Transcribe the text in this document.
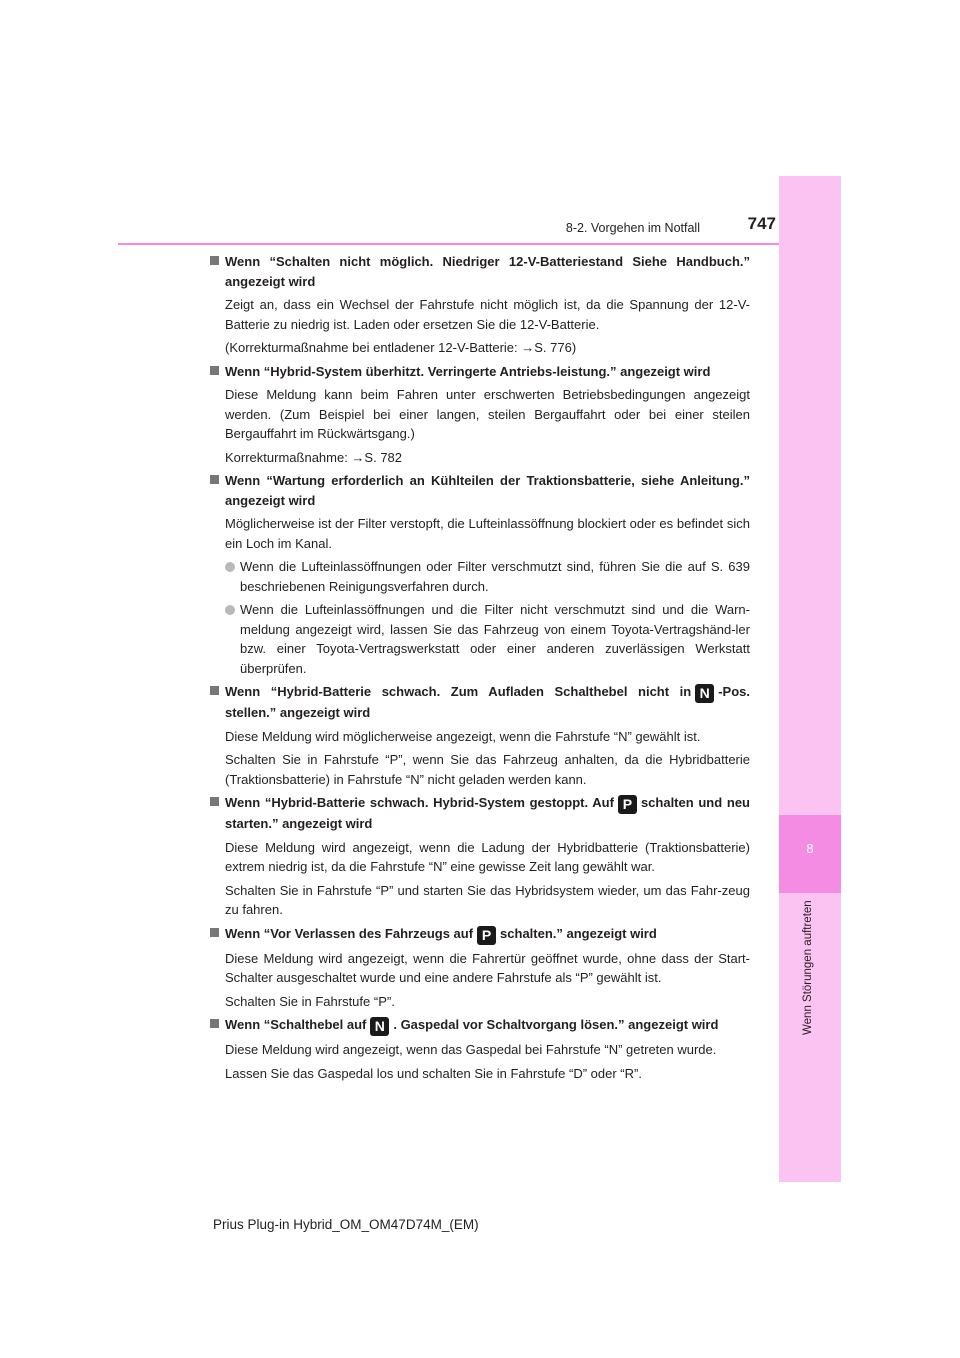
8
Wenn Störungen auftreten
8-2. Vorgehen im Notfall	747
Wenn “Schalten nicht möglich. Niedriger 12-V-Batteriestand Siehe Handbuch.” angezeigt wird
Zeigt an, dass ein Wechsel der Fahrstufe nicht möglich ist, da die Spannung der 12-V-Batterie zu niedrig ist. Laden oder ersetzen Sie die 12-V-Batterie.
(Korrekturmaßnahme bei entladener 12-V-Batterie: →S. 776)
Wenn “Hybrid-System überhitzt. Verringerte Antriebs-leistung.” angezeigt wird
Diese Meldung kann beim Fahren unter erschwerten Betriebsbedingungen angezeigt werden. (Zum Beispiel bei einer langen, steilen Bergauffahrt oder bei einer steilen Bergauffahrt im Rückwärtsgang.)
Korrekturmaßnahme: →S. 782
Wenn “Wartung erforderlich an Kühlteilen der Traktionsbatterie, siehe Anleitung.” angezeigt wird
Möglicherweise ist der Filter verstopft, die Lufteinlassöffnung blockiert oder es befindet sich ein Loch im Kanal.
Wenn die Lufteinlassöffnungen oder Filter verschmutzt sind, führen Sie die auf S. 639 beschriebenen Reinigungsverfahren durch.
Wenn die Lufteinlassöffnungen und die Filter nicht verschmutzt sind und die Warn-meldung angezeigt wird, lassen Sie das Fahrzeug von einem Toyota-Vertragshänd-ler bzw. einer Toyota-Vertragswerkstatt oder einer anderen zuverlässigen Werkstatt überprüfen.
Wenn “Hybrid-Batterie schwach. Zum Aufladen Schalthebel nicht in N -Pos. stellen.” angezeigt wird
Diese Meldung wird möglicherweise angezeigt, wenn die Fahrstufe “N” gewählt ist.
Schalten Sie in Fahrstufe “P”, wenn Sie das Fahrzeug anhalten, da die Hybridbatterie (Traktionsbatterie) in Fahrstufe “N” nicht geladen werden kann.
Wenn “Hybrid-Batterie schwach. Hybrid-System gestoppt. Auf P schalten und neu starten.” angezeigt wird
Diese Meldung wird angezeigt, wenn die Ladung der Hybridbatterie (Traktionsbatterie) extrem niedrig ist, da die Fahrstufe “N” eine gewisse Zeit lang gewählt war.
Schalten Sie in Fahrstufe “P” und starten Sie das Hybridsystem wieder, um das Fahr-zeug zu fahren.
Wenn “Vor Verlassen des Fahrzeugs auf P schalten.” angezeigt wird
Diese Meldung wird angezeigt, wenn die Fahrertür geöffnet wurde, ohne dass der Start-Schalter ausgeschaltet wurde und eine andere Fahrstufe als “P” gewählt ist.
Schalten Sie in Fahrstufe “P”.
Wenn “Schalthebel auf N . Gaspedal vor Schaltvorgang lösen.” angezeigt wird
Diese Meldung wird angezeigt, wenn das Gaspedal bei Fahrstufe “N” getreten wurde.
Lassen Sie das Gaspedal los und schalten Sie in Fahrstufe “D” oder “R”.
Prius Plug-in Hybrid_OM_OM47D74M_(EM)
